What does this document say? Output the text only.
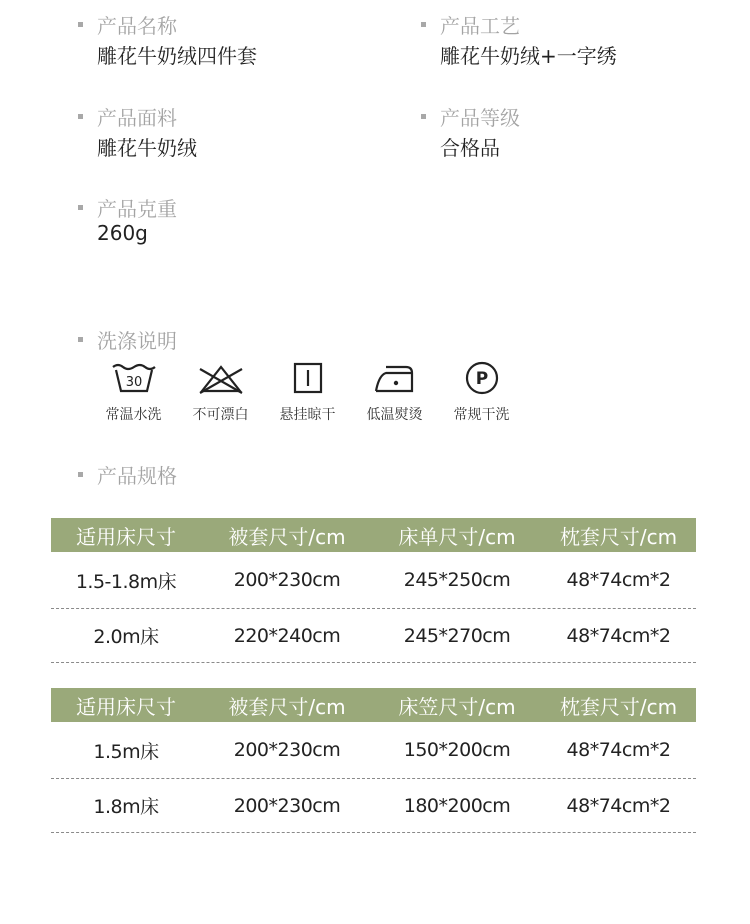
产品名称
雕花牛奶绒四件套
产品工艺
雕花牛奶绒+一字绣
产品面料
雕花牛奶绒
产品等级
合格品
产品克重
260g
洗涤说明
30
常温水洗 不可漂白 悬挂晾干 低温熨烫
P
常规干洗
产品规格
适用床尺寸	被套尺寸/cm	床单尺寸/cm	枕套尺寸/cm
1.5-1.8m床	200*230cm	245*250cm	48*74cm*2
2.0m床	220*240cm	245*270cm	48*74cm*2
适用床尺寸	被套尺寸/cm	床笠尺寸/cm	枕套尺寸/cm
1.5m床	200*230cm	150*200cm	48*74cm*2
1.8m床	200*230cm	180*200cm	48*74cm*2
